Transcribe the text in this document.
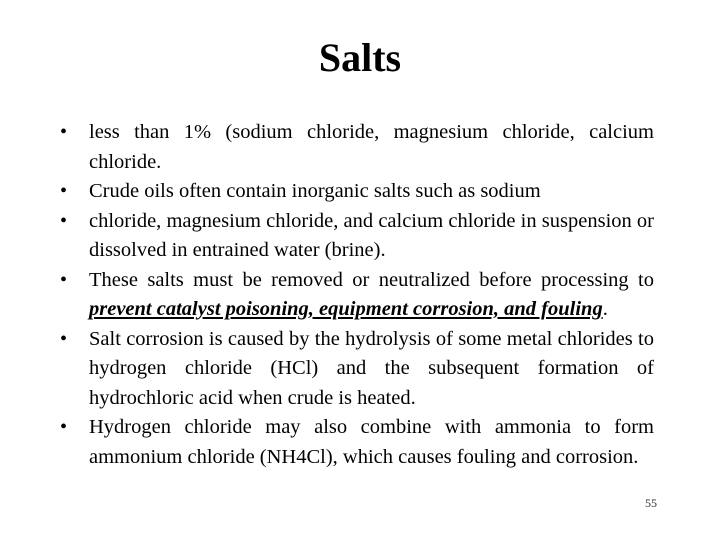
Salts
• less than 1% (sodium chloride, magnesium chloride, calcium chloride.
• Crude oils often contain inorganic salts such as sodium
• chloride, magnesium chloride, and calcium chloride in suspension or dissolved in entrained water (brine).
• These salts must be removed or neutralized before processing to prevent catalyst poisoning, equipment corrosion, and fouling.
• Salt corrosion is caused by the hydrolysis of some metal chlorides to hydrogen chloride (HCl) and the subsequent formation of hydrochloric acid when crude is heated.
• Hydrogen chloride may also combine with ammonia to form ammonium chloride (NH4Cl), which causes fouling and corrosion.
55
